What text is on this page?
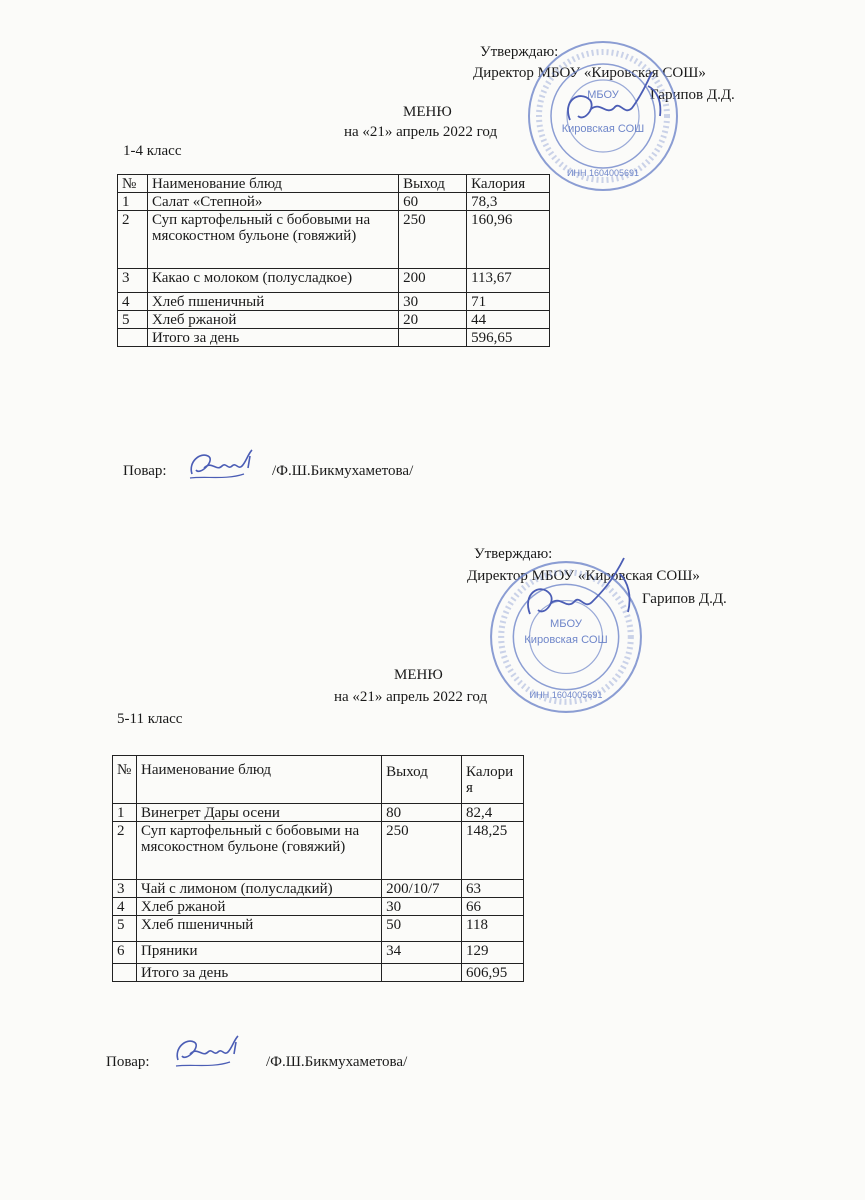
Утверждаю:
Директор МБОУ «Кировская СОШ»
Гарипов Д.Д.
МЕНЮ
на «21» апрель 2022 год
1-4 класс
№	Наименование блюд	Выход	Калория
1	Салат «Степной»	60	78,3
2	Суп картофельный с бобовыми на мясокостном бульоне (говяжий)	250	160,96
3	Какао с молоком (полусладкое)	200	113,67
4	Хлеб пшеничный	30	71
5	Хлеб ржаной	20	44
	Итого за день		596,65
Повар:	/Ф.Ш.Бикмухаметова/
МБОУ
Кировская СОШ
ИНН 1604005691
Утверждаю:
Директор МБОУ «Кировская СОШ»
Гарипов Д.Д.
МЕНЮ
на «21» апрель 2022 год
5-11 класс
№	Наименование блюд	Выход	Калори я
1	Винегрет Дары осени	80	82,4
2	Суп картофельный с бобовыми на мясокостном бульоне (говяжий)	250	148,25
3	Чай с лимоном (полусладкий)	200/10/7	63
4	Хлеб ржаной	30	66
5	Хлеб пшеничный	50	118
6	Пряники	34	129
	Итого за день		606,95
Повар:	/Ф.Ш.Бикмухаметова/
МБОУ
Кировская СОШ
ИНН 1604005691
